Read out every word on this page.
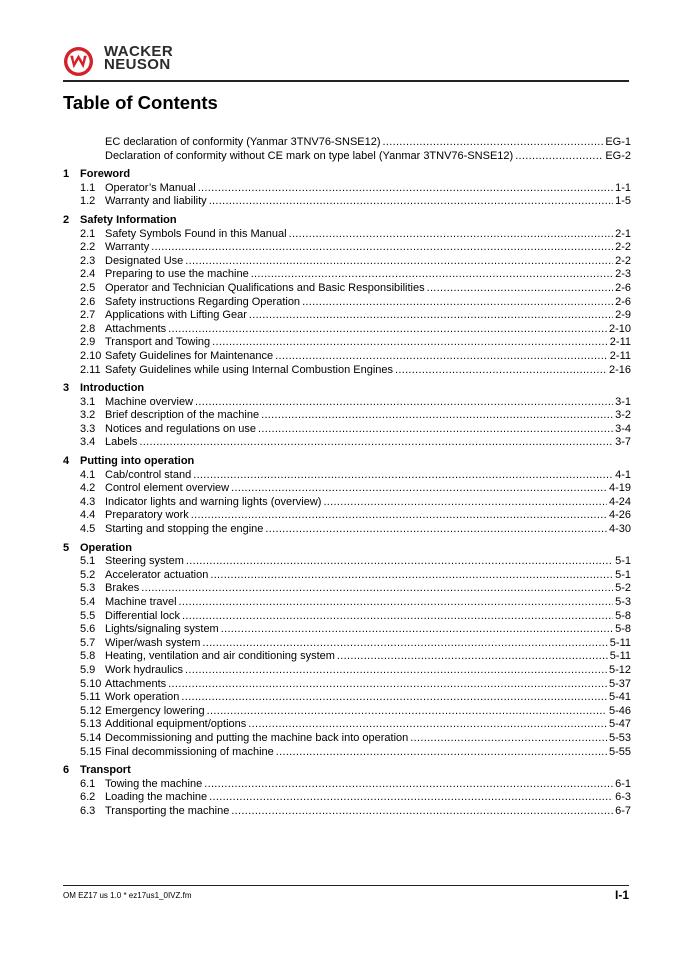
WACKER
NEUSON
Table of Contents
EC declaration of conformity (Yanmar 3TNV76-SNSE12) .....	EG-1
Declaration of conformity without CE mark on type label (Yanmar 3TNV76-SNSE12) .....	EG-2
1 Foreword
1.1 Operator’s Manual .....	1-1
1.2 Warranty and liability .....	1-5
2 Safety Information
2.1 Safety Symbols Found in this Manual .....	2-1
2.2 Warranty .....	2-2
2.3 Designated Use .....	2-2
2.4 Preparing to use the machine .....	2-3
2.5 Operator and Technician Qualifications and Basic Responsibilities .....	2-6
2.6 Safety instructions Regarding Operation .....	2-6
2.7 Applications with Lifting Gear .....	2-9
2.8 Attachments .....	2-10
2.9 Transport and Towing .....	2-11
2.10 Safety Guidelines for Maintenance .....	2-11
2.11 Safety Guidelines while using Internal Combustion Engines .....	2-16
3 Introduction
3.1 Machine overview .....	3-1
3.2 Brief description of the machine .....	3-2
3.3 Notices and regulations on use .....	3-4
3.4 Labels .....	3-7
4 Putting into operation
4.1 Cab/control stand .....	4-1
4.2 Control element overview .....	4-19
4.3 Indicator lights and warning lights (overview) .....	4-24
4.4 Preparatory work .....	4-26
4.5 Starting and stopping the engine .....	4-30
5 Operation
5.1 Steering system .....	5-1
5.2 Accelerator actuation .....	5-1
5.3 Brakes .....	5-2
5.4 Machine travel .....	5-3
5.5 Differential lock .....	5-8
5.6 Lights/signaling system .....	5-8
5.7 Wiper/wash system .....	5-11
5.8 Heating, ventilation and air conditioning system .....	5-11
5.9 Work hydraulics .....	5-12
5.10 Attachments .....	5-37
5.11 Work operation .....	5-41
5.12 Emergency lowering .....	5-46
5.13 Additional equipment/options .....	5-47
5.14 Decommissioning and putting the machine back into operation .....	5-53
5.15 Final decommissioning of machine .....	5-55
6 Transport
6.1 Towing the machine .....	6-1
6.2 Loading the machine .....	6-3
6.3 Transporting the machine .....	6-7
OM EZ17 us 1.0 * ez17us1_0IVZ.fm	I-1
